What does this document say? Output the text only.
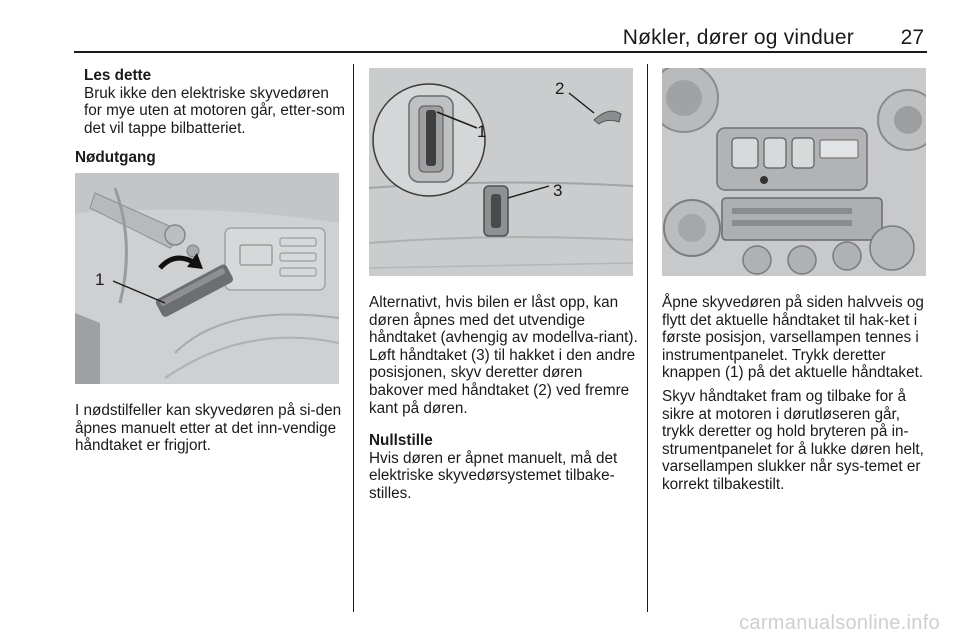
Nøkler, dører og vinduer	27

Les dette

Bruk ikke den elektriske skyvedøren for mye uten at motoren går, etter-som det vil tappe bilbatteriet.

Nødutgang
1
I nødstilfeller kan skyvedøren på si-den åpnes manuelt etter at det inn-vendige håndtaket er frigjort.
1
2
3
Alternativt, hvis bilen er låst opp, kan døren åpnes med det utvendige håndtaket (avhengig av modellva-riant). Løft håndtaket (3) til hakket i den andre posisjonen, skyv deretter døren bakover med håndtaket (2) ved fremre kant på døren.

Nullstille

Hvis døren er åpnet manuelt, må det elektriske skyvedørsystemet tilbake-stilles.

Åpne skyvedøren på siden halvveis og flytt det aktuelle håndtaket til hak-ket i første posisjon, varsellampen tennes i instrumentpanelet. Trykk deretter knappen (1) på det aktuelle håndtaket.

Skyv håndtaket fram og tilbake for å sikre at motoren i dørutløseren går, trykk deretter og hold bryteren på in-strumentpanelet for å lukke døren helt, varsellampen slukker når sys-temet er korrekt tilbakestilt.

carmanualsonline.info
